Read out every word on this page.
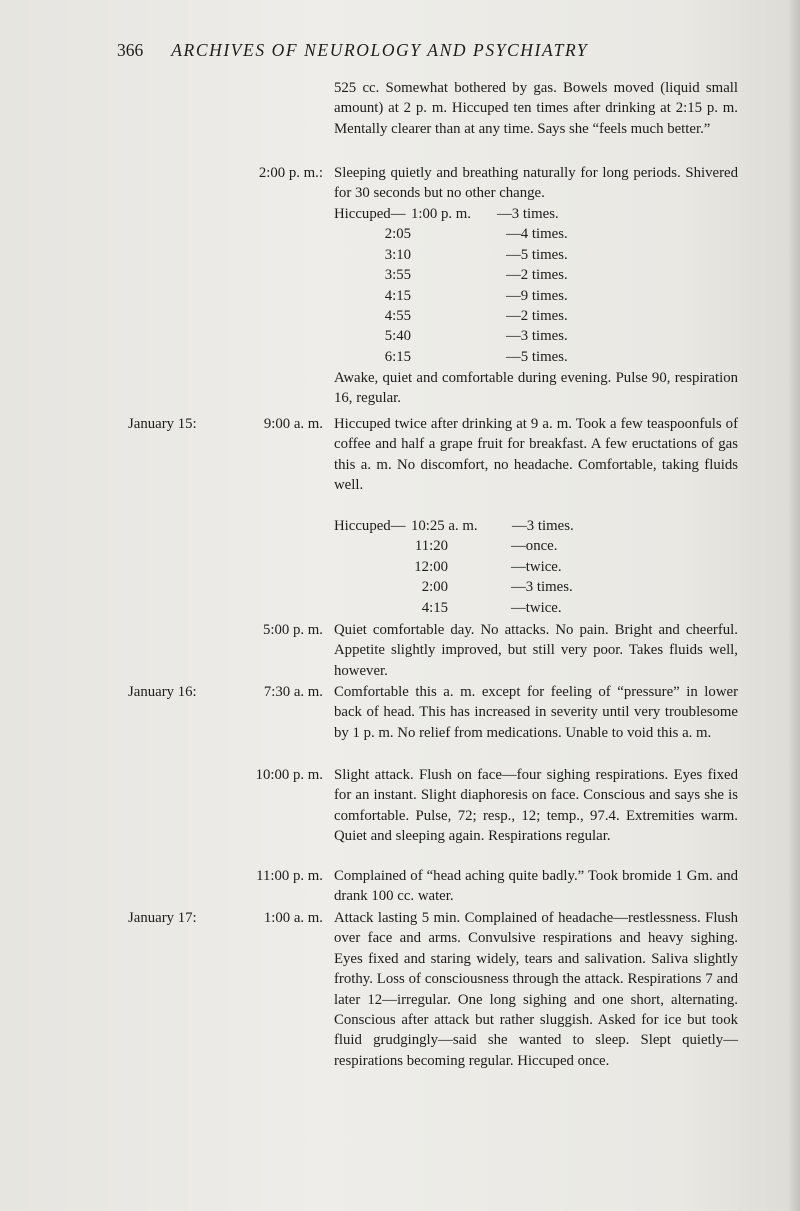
366 ARCHIVES OF NEUROLOGY AND PSYCHIATRY
525 cc. Somewhat bothered by gas. Bowels moved (liquid small amount) at 2 p. m. Hiccuped ten times after drinking at 2:15 p. m. Mentally clearer than at any time. Says she “feels much better.”
2:00 p. m.: Sleeping quietly and breathing naturally for long periods. Shivered for 30 seconds but no other change.
Hiccuped— 1:00 p. m. —3 times.
2:05	—4 times.
3:10	—5 times.
3:55	—2 times.
4:15	—9 times.
4:55	—2 times.
5:40	—3 times.
6:15	—5 times.
Awake, quiet and comfortable during evening. Pulse 90, respiration 16, regular.
January 15:	9:00 a. m. Hiccuped twice after drinking at 9 a. m. Took a few teaspoonfuls of coffee and half a grape fruit for breakfast. A few eructations of gas this a. m. No discomfort, no headache. Comfortable, taking fluids well.
Hiccuped— 10:25 a. m. —3 times.
11:20	—once.
12:00	—twice.
2:00	—3 times.
4:15	—twice.
5:00 p. m. Quiet comfortable day. No attacks. No pain. Bright and cheerful. Appetite slightly improved, but still very poor. Takes fluids well, however.
January 16:	7:30 a. m. Comfortable this a. m. except for feeling of “pressure” in lower back of head. This has increased in severity until very troublesome by 1 p. m. No relief from medications. Unable to void this a. m.
10:00 p. m. Slight attack. Flush on face—four sighing respirations. Eyes fixed for an instant. Slight diaphoresis on face. Conscious and says she is comfortable. Pulse, 72; resp., 12; temp., 97.4. Extremities warm. Quiet and sleeping again. Respirations regular.
11:00 p. m. Complained of “head aching quite badly.” Took bromide 1 Gm. and drank 100 cc. water.
January 17:	1:00 a. m. Attack lasting 5 min. Complained of headache—restlessness. Flush over face and arms. Convulsive respirations and heavy sighing. Eyes fixed and staring widely, tears and salivation. Saliva slightly frothy. Loss of consciousness through the attack. Respirations 7 and later 12—irregular. One long sighing and one short, alternating. Conscious after attack but rather sluggish. Asked for ice but took fluid grudgingly—said she wanted to sleep. Slept quietly—respirations becoming regular. Hiccuped once.
